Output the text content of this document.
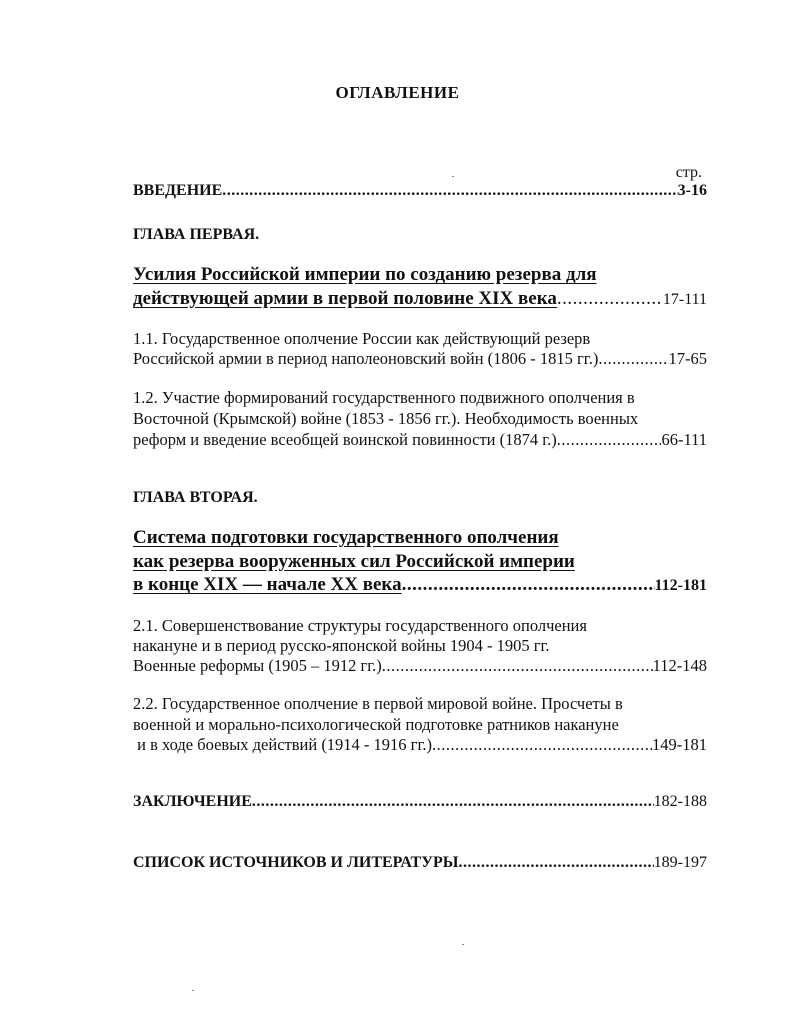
ОГЛАВЛЕНИЕ
стр.
ВВЕДЕНИЕ .....	3-16
ГЛАВА ПЕРВАЯ.
Усилия Российской империи по созданию резерва для
действующей армии в первой половине XIX века .....	17-111
1.1. Государственное ополчение России как действующий резерв
Российской армии в период наполеоновский войн (1806 - 1815 гг.) .....	17-65
1.2. Участие формирований государственного подвижного ополчения в
Восточной (Крымской) войне (1853 - 1856 гг.). Необходимость военных
реформ и введение всеобщей воинской повинности (1874 г.) .....	66-111
ГЛАВА ВТОРАЯ.
Система подготовки государственного ополчения
как резерва вооруженных сил Российской империи
в конце XIX — начале XX века .....	112-181
2.1. Совершенствование структуры государственного ополчения
накануне и в период русско-японской войны 1904 - 1905 гг.
Военные реформы (1905 – 1912 гг.) .....	112-148
2.2. Государственное ополчение в первой мировой войне. Просчеты в
военной и морально-психологической подготовке ратников накануне
и в ходе боевых действий (1914 - 1916 гг.) .....	149-181
ЗАКЛЮЧЕНИЕ .....	182-188
СПИСОК ИСТОЧНИКОВ И ЛИТЕРАТУРЫ .....	189-197
